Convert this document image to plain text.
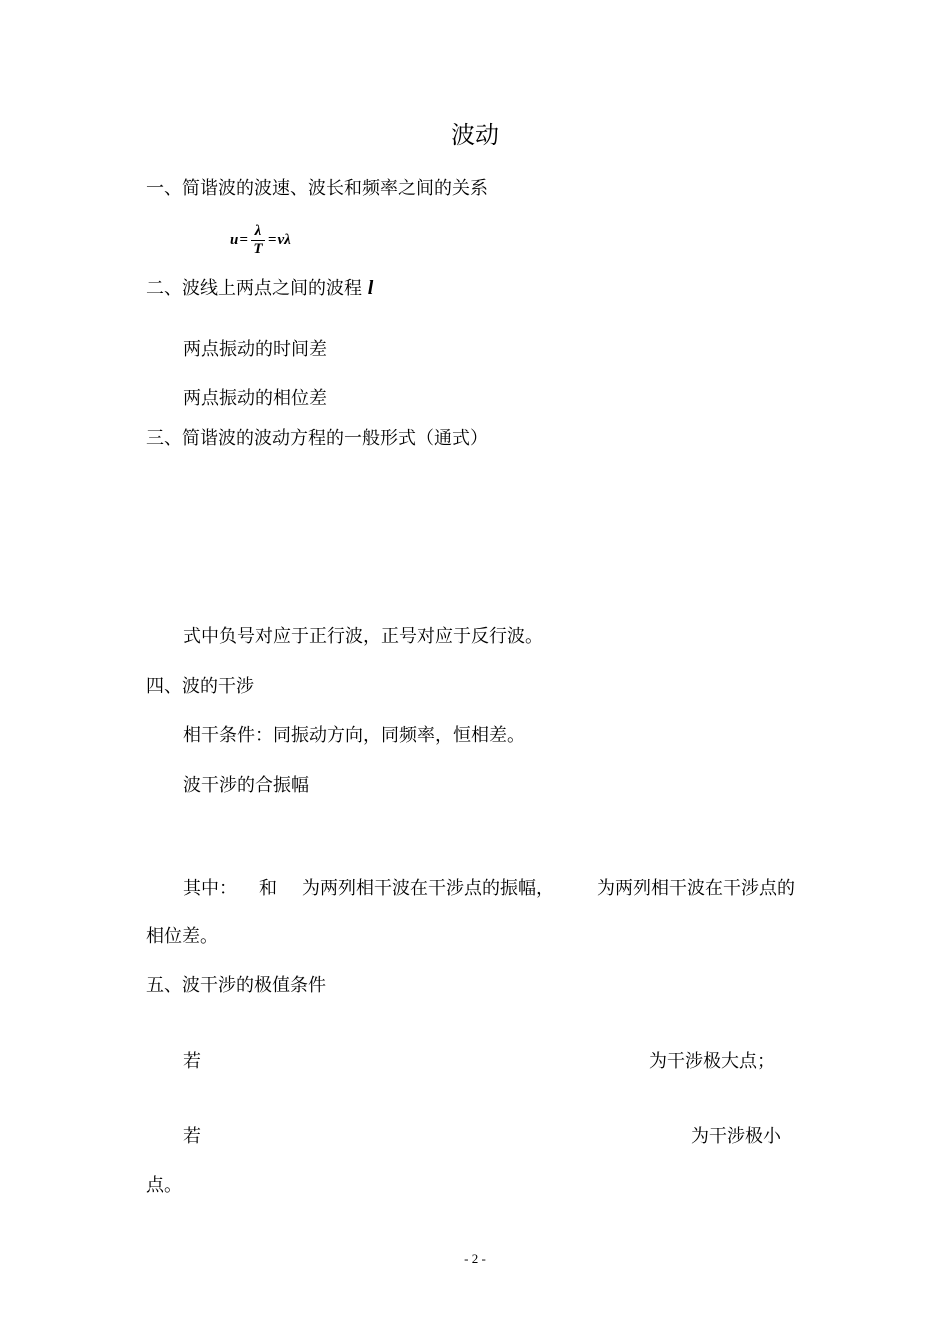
波动
一、简谐波的波速、波长和频率之间的关系
$u = \frac{\lambda}{T} = \nu\lambda$
二、波线上两点之间的波程 l
两点振动的时间差
两点振动的相位差
三、简谐波的波动方程的一般形式（通式）
式中负号对应于正行波，正号对应于反行波。
四、波的干涉
相干条件：同振动方向，同频率，恒相差。
波干涉的合振幅
其中： 和 为两列相干波在干涉点的振幅， 为两列相干波在干涉点的
相位差。
五、波干涉的极值条件
若	为干涉极大点；
若	为干涉极小
点。
- 2 -
